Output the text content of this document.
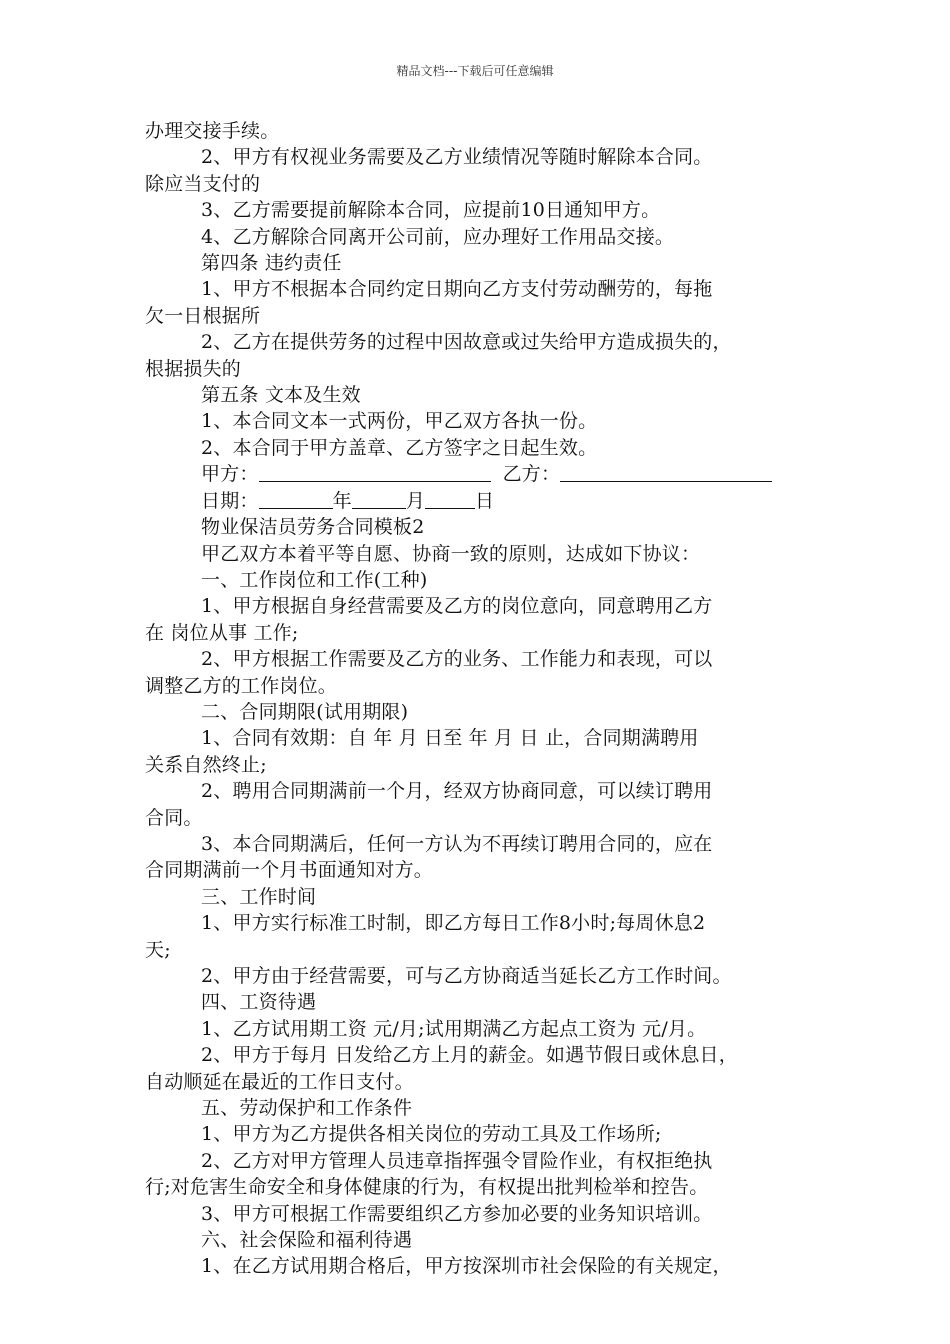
精品文档---下载后可任意编辑
办理交接手续。
2、甲方有权视业务需要及乙方业绩情况等随时解除本合同。
除应当支付的
3、乙方需要提前解除本合同，应提前10日通知甲方。
4、乙方解除合同离开公司前，应办理好工作用品交接。
第四条 违约责任
1、甲方不根据本合同约定日期向乙方支付劳动酬劳的，每拖
欠一日根据所
2、乙方在提供劳务的过程中因故意或过失给甲方造成损失的，
根据损失的
第五条 文本及生效
1、本合同文本一式两份，甲乙双方各执一份。
2、本合同于甲方盖章、乙方签字之日起生效。
甲方：	乙方：
日期：	年	月	日
物业保洁员劳务合同模板2
甲乙双方本着平等自愿、协商一致的原则，达成如下协议：
一、工作岗位和工作(工种)
1、甲方根据自身经营需要及乙方的岗位意向，同意聘用乙方
在 岗位从事 工作;
2、甲方根据工作需要及乙方的业务、工作能力和表现，可以
调整乙方的工作岗位。
二、合同期限(试用期限)
1、合同有效期：自 年 月 日至 年 月 日 止，合同期满聘用
关系自然终止;
2、聘用合同期满前一个月，经双方协商同意，可以续订聘用
合同。
3、本合同期满后，任何一方认为不再续订聘用合同的，应在
合同期满前一个月书面通知对方。
三、工作时间
1、甲方实行标准工时制，即乙方每日工作8小时;每周休息2
天;
2、甲方由于经营需要，可与乙方协商适当延长乙方工作时间。
四、工资待遇
1、乙方试用期工资 元/月;试用期满乙方起点工资为 元/月。
2、甲方于每月 日发给乙方上月的薪金。如遇节假日或休息日，
自动顺延在最近的工作日支付。
五、劳动保护和工作条件
1、甲方为乙方提供各相关岗位的劳动工具及工作场所;
2、乙方对甲方管理人员违章指挥强令冒险作业，有权拒绝执
行;对危害生命安全和身体健康的行为，有权提出批判检举和控告。
3、甲方可根据工作需要组织乙方参加必要的业务知识培训。
六、社会保险和福利待遇
1、在乙方试用期合格后，甲方按深圳市社会保险的有关规定，
